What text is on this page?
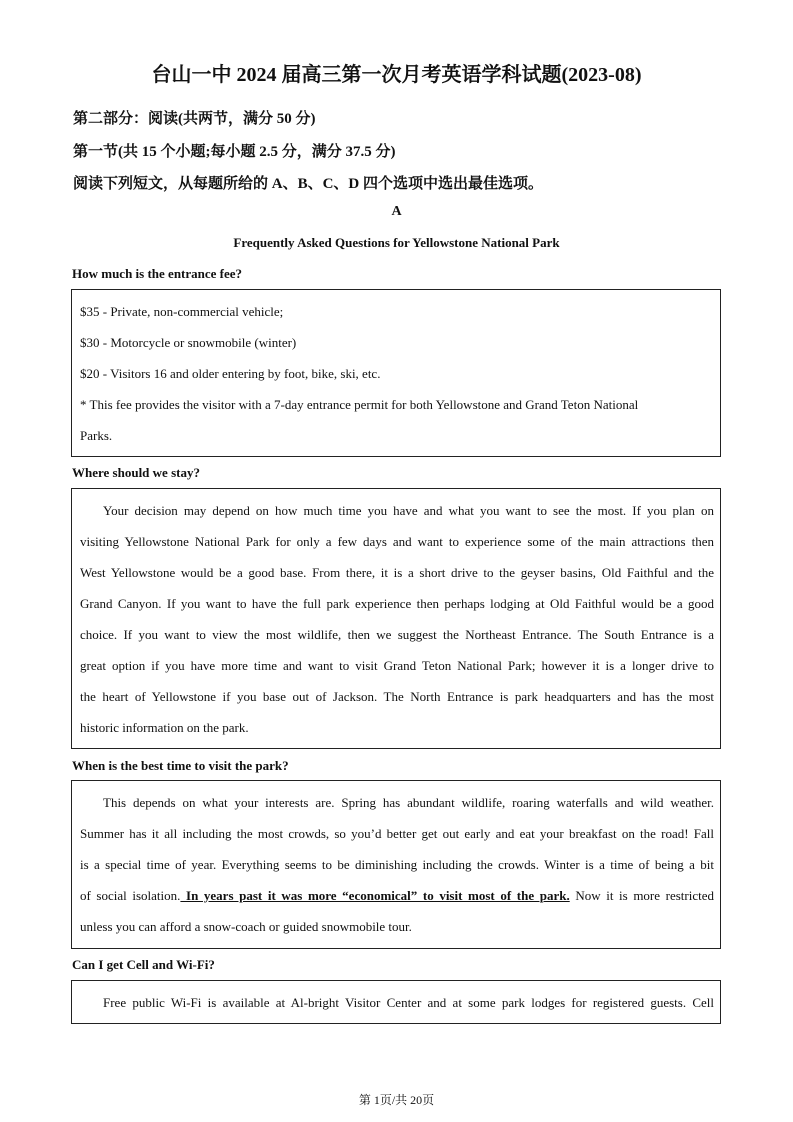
台山一中 2024 届高三第一次月考英语学科试题(2023-08)
第二部分：阅读(共两节，满分 50 分)
第一节(共 15 个小题;每小题 2.5 分，满分 37.5 分)
阅读下列短文，从每题所给的 A、B、C、D 四个选项中选出最佳选项。
A
Frequently Asked Questions for Yellowstone National Park
How much is the entrance fee?

$35 - Private, non-commercial vehicle;

$30 - Motorcycle or snowmobile (winter)

$20 - Visitors 16 and older entering by foot, bike, ski, etc.

* This fee provides the visitor with a 7-day entrance permit for both Yellowstone and Grand Teton National

Parks.

Where should we stay?

Your decision may depend on how much time you have and what you want to see the most. If you plan on

visiting Yellowstone National Park for only a few days and want to experience some of the main attractions then

West Yellowstone would be a good base. From there, it is a short drive to the geyser basins, Old Faithful and the

Grand Canyon. If you want to have the full park experience then perhaps lodging at Old Faithful would be a good

choice. If you want to view the most wildlife, then we suggest the Northeast Entrance. The South Entrance is a

great option if you have more time and want to visit Grand Teton National Park; however it is a longer drive to

the heart of Yellowstone if you base out of Jackson. The North Entrance is park headquarters and has the most

historic information on the park.

When is the best time to visit the park?

This depends on what your interests are. Spring has abundant wildlife, roaring waterfalls and wild weather.

Summer has it all including the most crowds, so you’d better get out early and eat your breakfast on the road! Fall

is a special time of year. Everything seems to be diminishing including the crowds. Winter is a time of being a bit

of social isolation. In years past it was more “economical” to visit most of the park. Now it is more restricted

unless you can afford a snow-coach or guided snowmobile tour.

Can I get Cell and Wi-Fi?

Free public Wi-Fi is available at Al-bright Visitor Center and at some park lodges for registered guests. Cell

第 1页/共 20页
